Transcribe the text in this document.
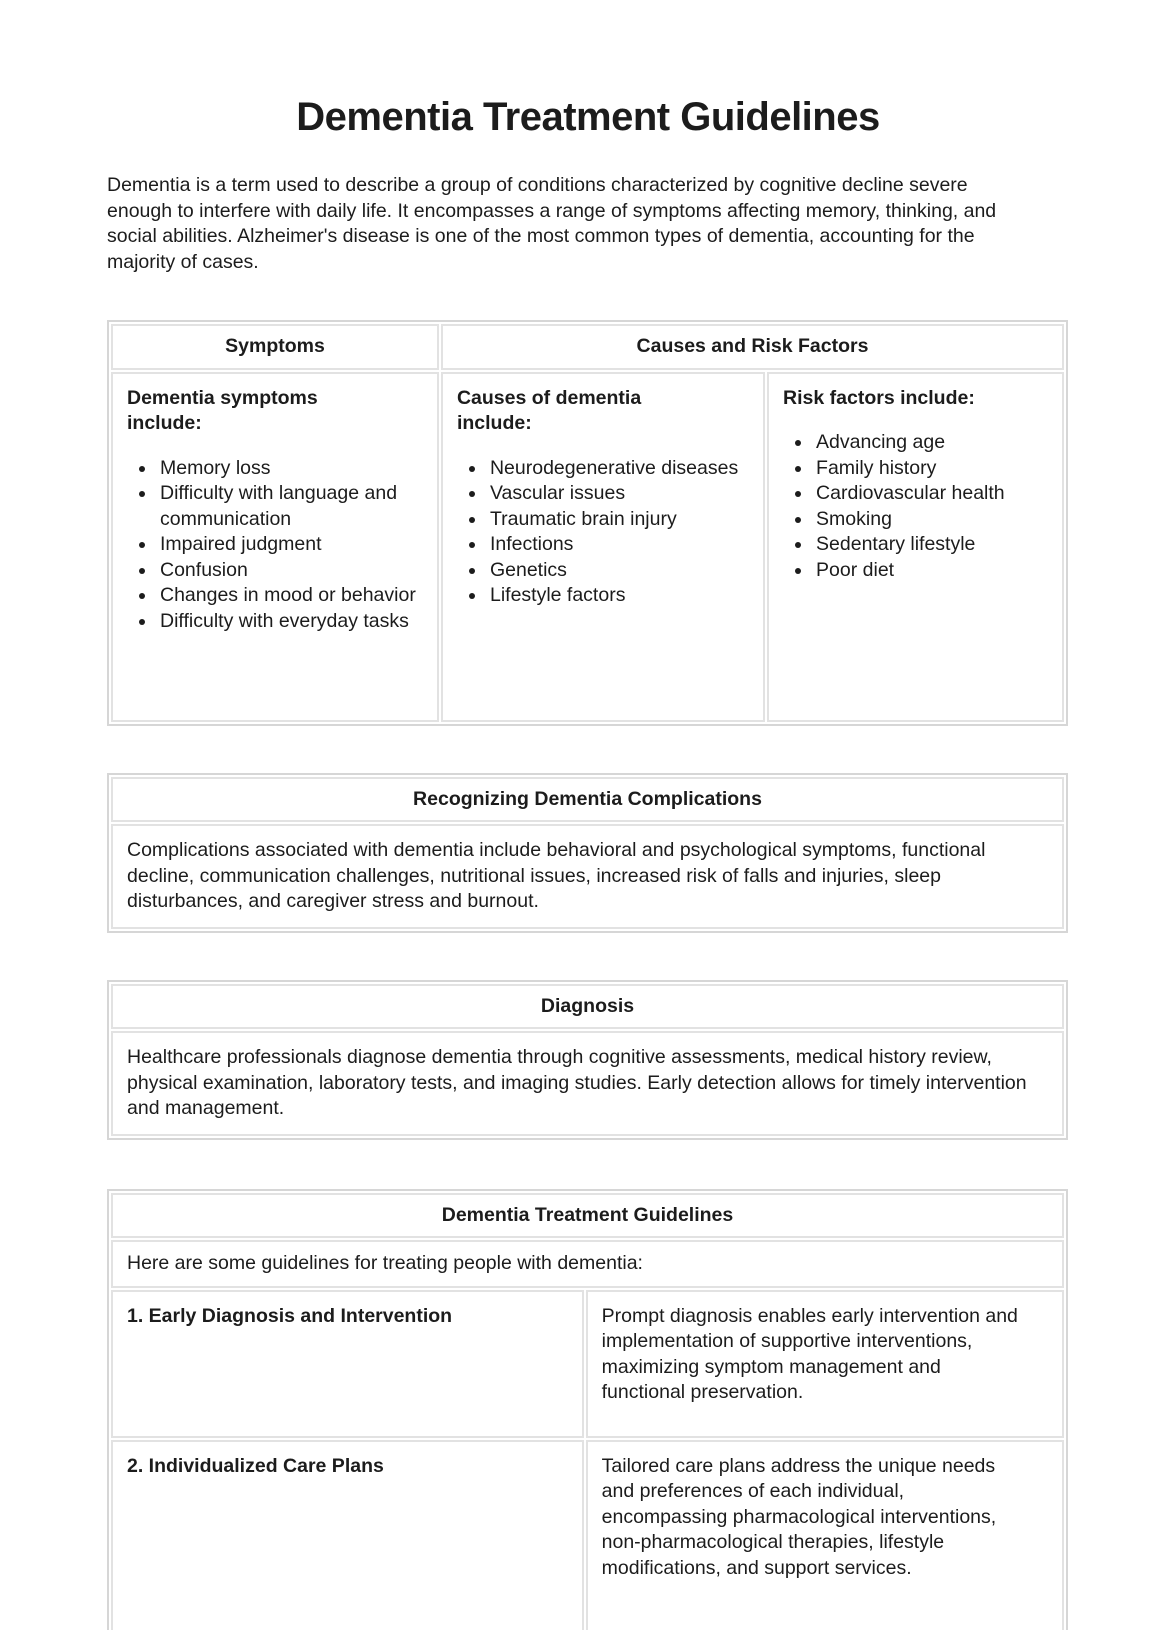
Dementia Treatment Guidelines

Dementia is a term used to describe a group of conditions characterized by cognitive decline severe enough to interfere with daily life. It encompasses a range of symptoms affecting memory, thinking, and social abilities. Alzheimer's disease is one of the most common types of dementia, accounting for the majority of cases.

Symptoms	Causes and Risk Factors	

Dementia symptoms include:

• Memory loss
• Difficulty with language and communication
• Impaired judgment
• Confusion
• Changes in mood or behavior
• Difficulty with everyday tasks

Causes of dementia include:

• Neurodegenerative diseases
• Vascular issues
• Traumatic brain injury
• Infections
• Genetics
• Lifestyle factors

Risk factors include:

• Advancing age
• Family history
• Cardiovascular health
• Smoking
• Sedentary lifestyle
• Poor diet
Recognizing Dementia Complications

Complications associated with dementia include behavioral and psychological symptoms, functional decline, communication challenges, nutritional issues, increased risk of falls and injuries, sleep disturbances, and caregiver stress and burnout.

Diagnosis

Healthcare professionals diagnose dementia through cognitive assessments, medical history review, physical examination, laboratory tests, and imaging studies. Early detection allows for timely intervention and management.

Dementia Treatment Guidelines	
Here are some guidelines for treating people with dementia:	
1. Early Diagnosis and Intervention	Prompt diagnosis enables early intervention and implementation of supportive interventions, maximizing symptom management and functional preservation.

2. Individualized Care Plans	Tailored care plans address the unique needs and preferences of each individual, encompassing pharmacological interventions, non-pharmacological therapies, lifestyle modifications, and support services.
